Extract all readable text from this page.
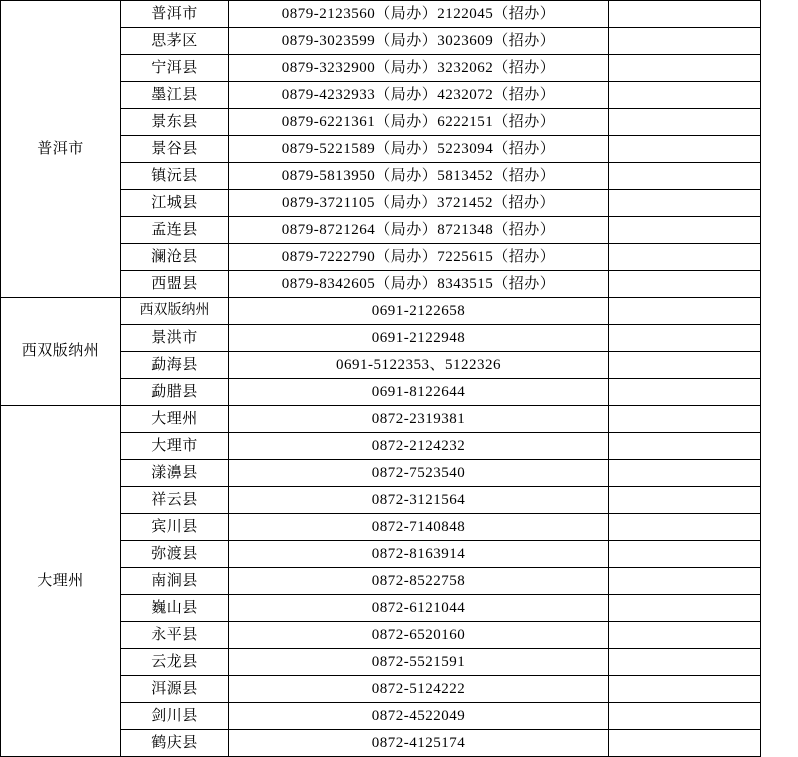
普洱市	普洱市	0879-2123560（局办）2122045（招办）	
	思茅区	0879-3023599（局办）3023609（招办）	
	宁洱县	0879-3232900（局办）3232062（招办）	
	墨江县	0879-4232933（局办）4232072（招办）	
	景东县	0879-6221361（局办）6222151（招办）	
	景谷县	0879-5221589（局办）5223094（招办）	
	镇沅县	0879-5813950（局办）5813452（招办）	
	江城县	0879-3721105（局办）3721452（招办）	
	孟连县	0879-8721264（局办）8721348（招办）	
	澜沧县	0879-7222790（局办）7225615（招办）	
	西盟县	0879-8342605（局办）8343515（招办）	
西双版纳州	西双版纳州	0691-2122658	
	景洪市	0691-2122948	
	勐海县	0691-5122353、5122326	
	勐腊县	0691-8122644	
大理州	大理州	0872-2319381	
	大理市	0872-2124232	
	漾濞县	0872-7523540	
	祥云县	0872-3121564	
	宾川县	0872-7140848	
	弥渡县	0872-8163914	
	南涧县	0872-8522758	
	巍山县	0872-6121044	
	永平县	0872-6520160	
	云龙县	0872-5521591	
	洱源县	0872-5124222	
	剑川县	0872-4522049	
	鹤庆县	0872-4125174	
